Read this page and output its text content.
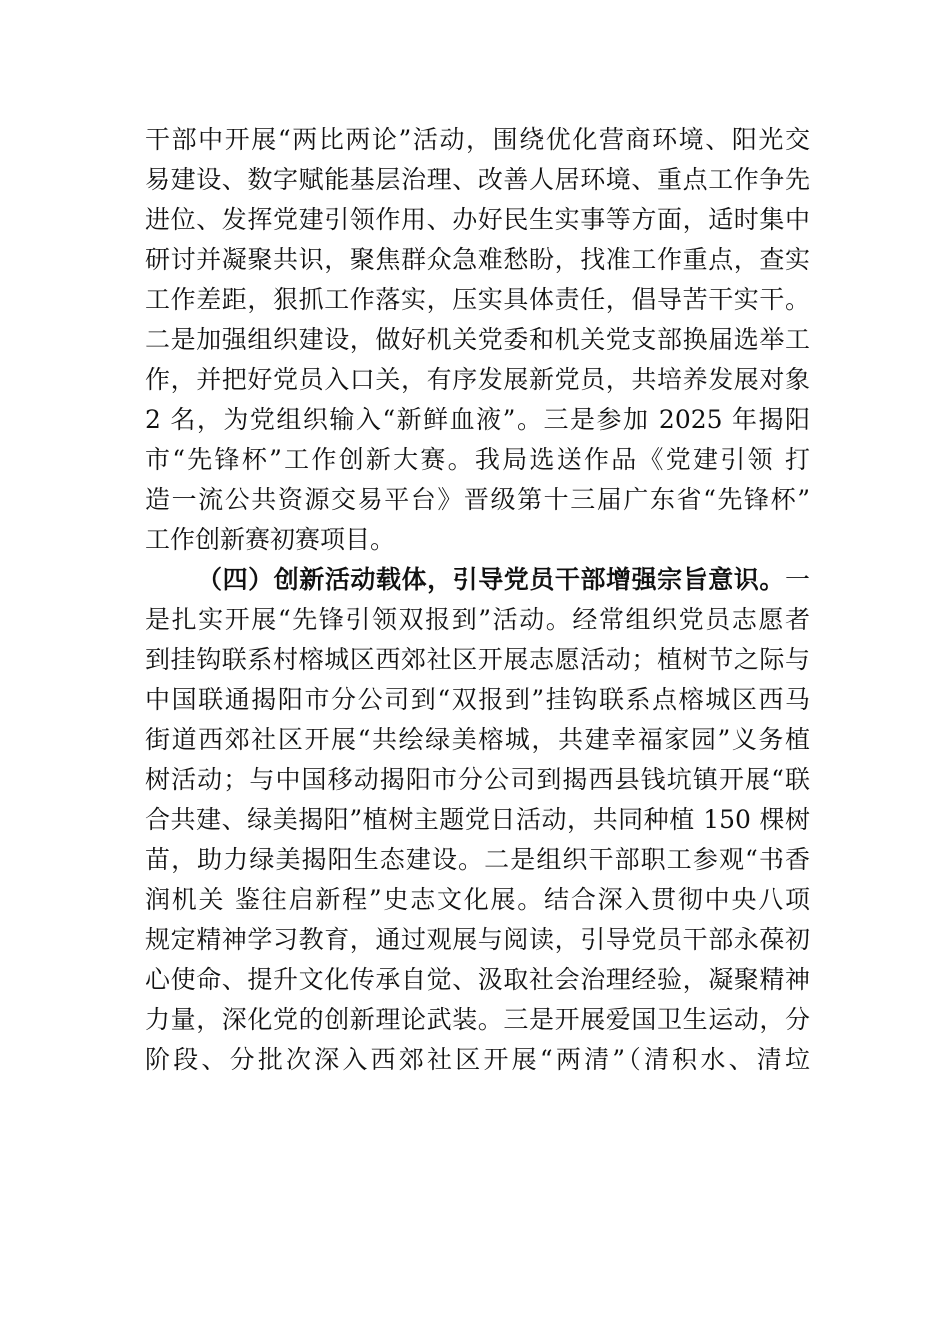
干部中开展“两比两论”活动，围绕优化营商环境、阳光交
易建设、数字赋能基层治理、改善人居环境、重点工作争先
进位、发挥党建引领作用、办好民生实事等方面，适时集中
研讨并凝聚共识，聚焦群众急难愁盼，找准工作重点，查实
工作差距，狠抓工作落实，压实具体责任，倡导苦干实干。
二是加强组织建设，做好机关党委和机关党支部换届选举工
作，并把好党员入口关，有序发展新党员，共培养发展对象
2 名，为党组织输入“新鲜血液”。三是参加 2025 年揭阳
市“先锋杯”工作创新大赛。我局选送作品《党建引领 打
造一流公共资源交易平台》晋级第十三届广东省“先锋杯”
工作创新赛初赛项目。
（四）创新活动载体，引导党员干部增强宗旨意识。一
是扎实开展“先锋引领双报到”活动。经常组织党员志愿者
到挂钩联系村榕城区西郊社区开展志愿活动；植树节之际与
中国联通揭阳市分公司到“双报到”挂钩联系点榕城区西马
街道西郊社区开展“共绘绿美榕城，共建幸福家园”义务植
树活动；与中国移动揭阳市分公司到揭西县钱坑镇开展“联
合共建、绿美揭阳”植树主题党日活动，共同种植 150 棵树
苗，助力绿美揭阳生态建设。二是组织干部职工参观“书香
润机关 鉴往启新程”史志文化展。结合深入贯彻中央八项
规定精神学习教育，通过观展与阅读，引导党员干部永葆初
心使命、提升文化传承自觉、汲取社会治理经验，凝聚精神
力量，深化党的创新理论武装。三是开展爱国卫生运动，分
阶段、分批次深入西郊社区开展“两清”（清积水、清垃
